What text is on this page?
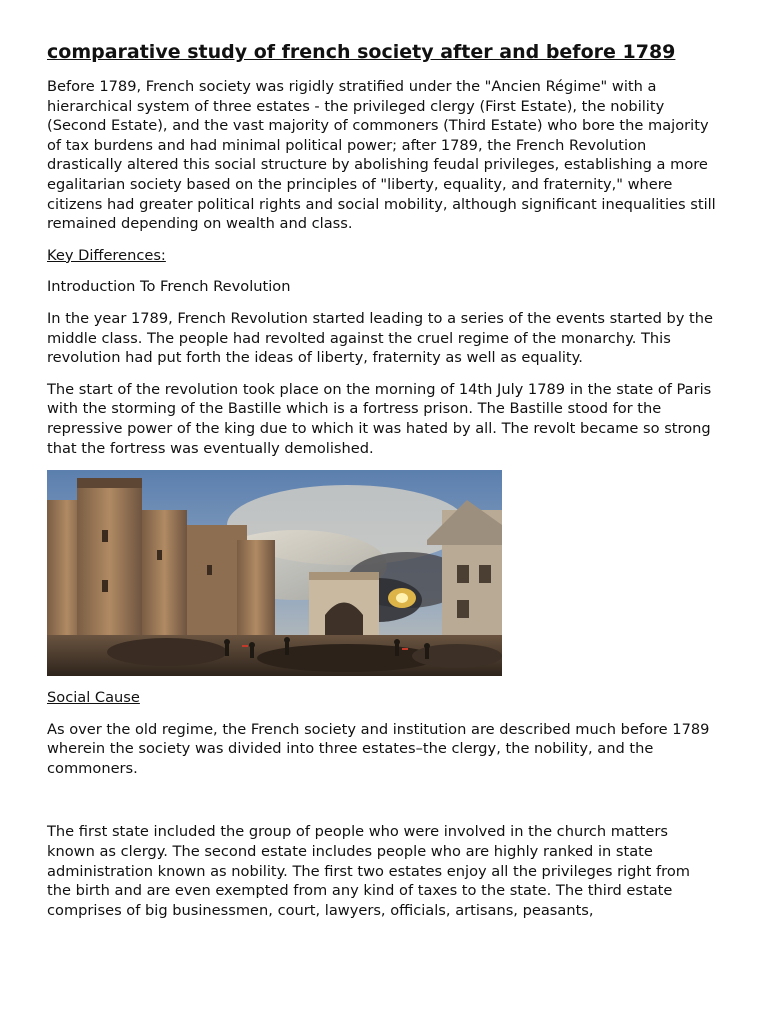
comparative study of french society after and before 1789
Before 1789, French society was rigidly stratified under the "Ancien Régime" with a hierarchical system of three estates - the privileged clergy (First Estate), the nobility (Second Estate), and the vast majority of commoners (Third Estate) who bore the majority of tax burdens and had minimal political power; after 1789, the French Revolution drastically altered this social structure by abolishing feudal privileges, establishing a more egalitarian society based on the principles of "liberty, equality, and fraternity," where citizens had greater political rights and social mobility, although significant inequalities still remained depending on wealth and class.
Key Differences:
Introduction To French Revolution
In the year 1789, French Revolution started leading to a series of the events started by the middle class. The people had revolted against the cruel regime of the monarchy. This revolution had put forth the ideas of liberty, fraternity as well as equality.
The start of the revolution took place on the morning of 14th July 1789 in the state of Paris with the storming of the Bastille which is a fortress prison. The Bastille stood for the repressive power of the king due to which it was hated by all. The revolt became so strong that the fortress was eventually demolished.
Social Cause
As over the old regime, the French society and institution are described much before 1789 wherein the society was divided into three estates–the clergy, the nobility, and the commoners.
The first state included the group of people who were involved in the church matters known as clergy. The second estate includes people who are highly ranked in state administration known as nobility. The first two estates enjoy all the privileges right from the birth and are even exempted from any kind of taxes to the state. The third estate comprises of big businessmen, court, lawyers, officials, artisans, peasants,
